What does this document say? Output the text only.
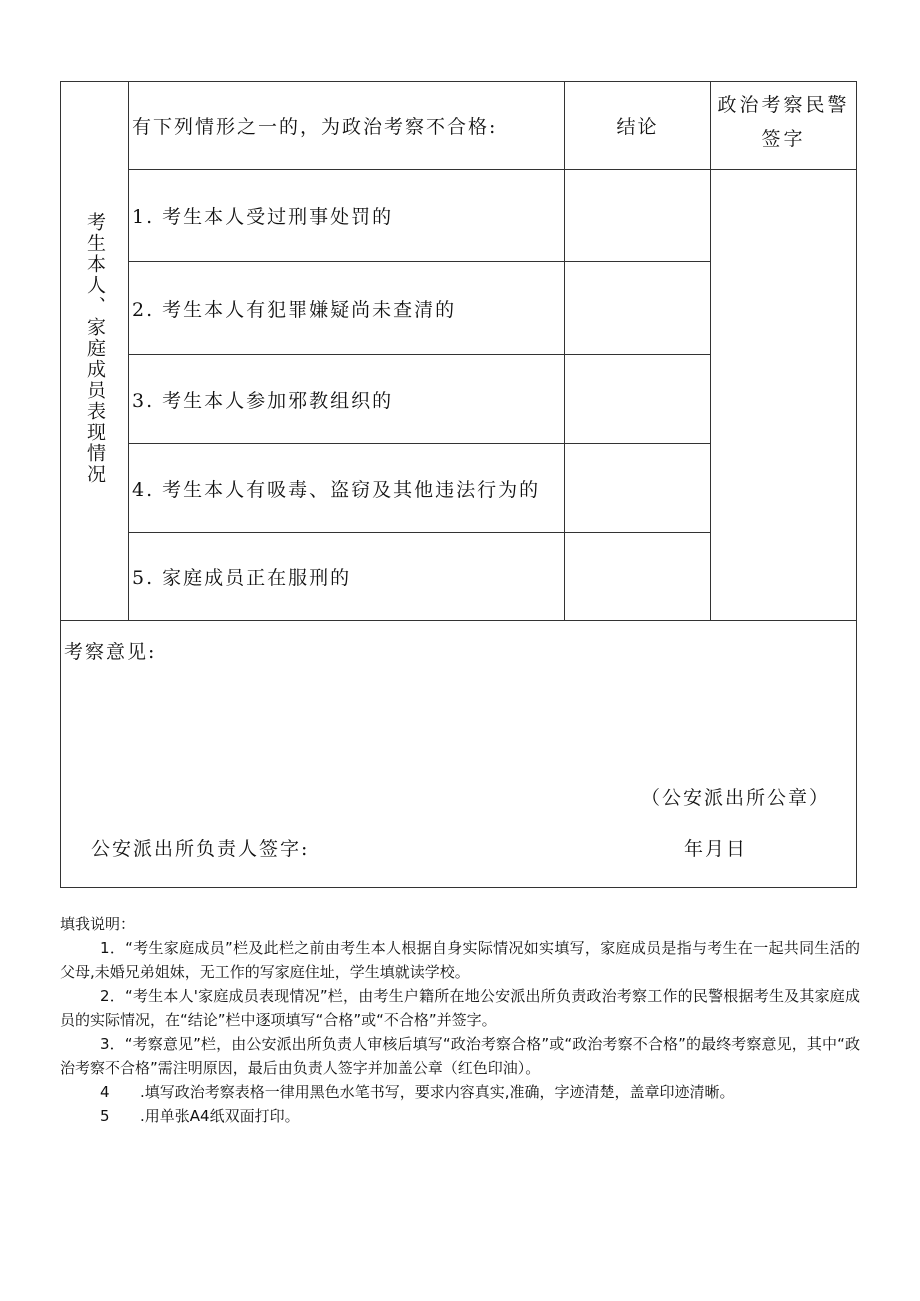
考生本人、家庭成员表现情况	有下列情形之一的，为政治考察不合格:	结论	政治考察民警签字
	1. 考生本人受过刑事处罚的		
	2. 考生本人有犯罪嫌疑尚未查清的		
	3. 考生本人参加邪教组织的		
	4. 考生本人有吸毒、盗窃及其他违法行为的		
	5. 家庭成员正在服刑的		

考察意见:
（公安派出所公章）
公安派出所负责人签字: 年月日			

填我说明：

1．“考生家庭成员”栏及此栏之前由考生本人根据自身实际情况如实填写，家庭成员是指与考生在一起共同生活的父母,未婚兄弟姐妹，无工作的写家庭住址，学生填就读学校。

2．“考生本人'家庭成员表现情况”栏，由考生户籍所在地公安派出所负责政治考察工作的民警根据考生及其家庭成员的实际情况，在“结论”栏中逐项填写“合格”或“不合格”并签字。

3．“考察意见”栏，由公安派出所负责人审核后填写“政治考察合格”或“政治考察不合格”的最终考察意见，其中“政治考察不合格”需注明原因，最后由负责人签字并加盖公章（红色印油）。

4 .填写政治考察表格一律用黑色水笔书写，要求内容真实,准确，字迹清楚，盖章印迹清晰。

5 .用单张A4纸双面打印。
